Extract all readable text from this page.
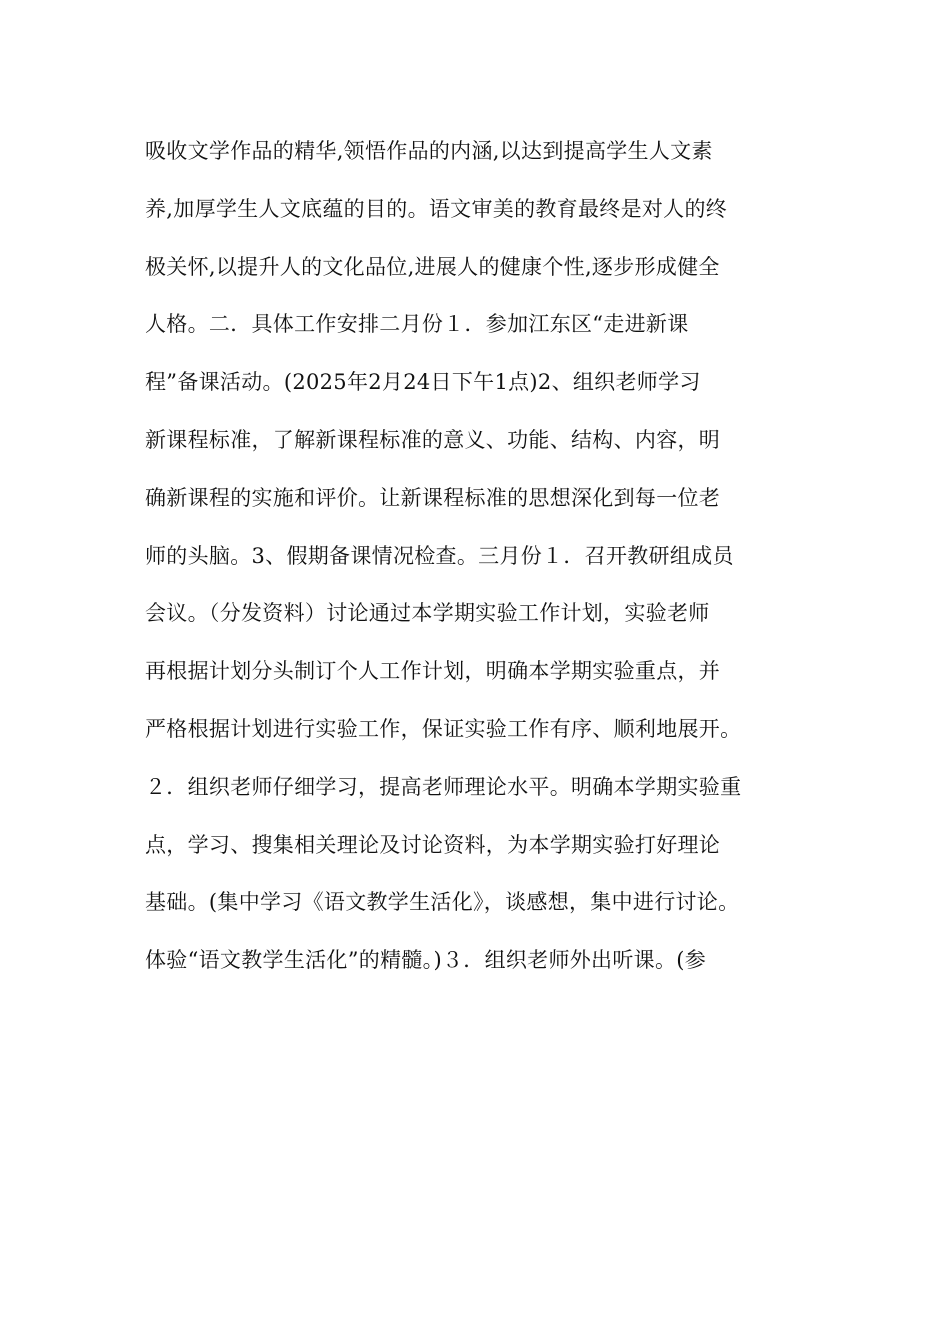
吸收文学作品的精华,领悟作品的内涵,以达到提高学生人文素
养,加厚学生人文底蕴的目的。语文审美的教育最终是对人的终
极关怀,以提升人的文化品位,进展人的健康个性,逐步形成健全
人格。二．具体工作安排二月份１．参加江东区“走进新课
程”备课活动。(2025年2月24日下午1点)2、组织老师学习
新课程标准，了解新课程标准的意义、功能、结构、内容，明
确新课程的实施和评价。让新课程标准的思想深化到每一位老
师的头脑。3、假期备课情况检查。三月份１．召开教研组成员
会议。（分发资料）讨论通过本学期实验工作计划，实验老师
再根据计划分头制订个人工作计划，明确本学期实验重点，并
严格根据计划进行实验工作，保证实验工作有序、顺利地展开。
２．组织老师仔细学习，提高老师理论水平。明确本学期实验重
点，学习、搜集相关理论及讨论资料，为本学期实验打好理论
基础。(集中学习《语文教学生活化》，谈感想，集中进行讨论。
体验“语文教学生活化”的精髓。)３．组织老师外出听课。(参
